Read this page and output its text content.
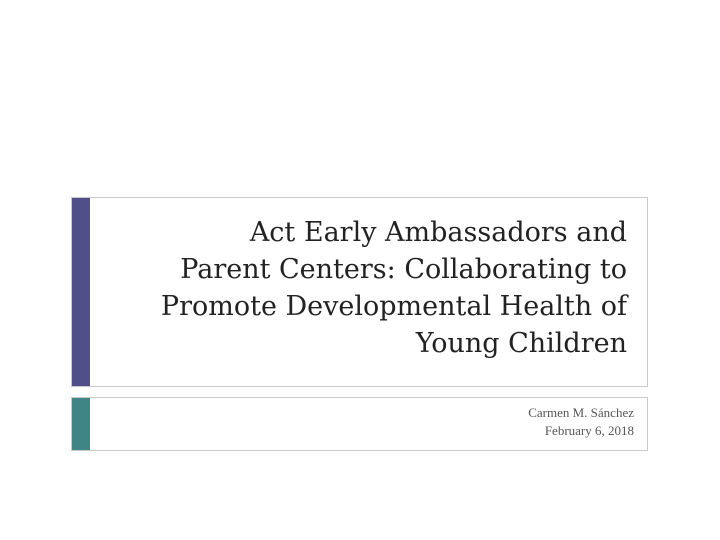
Act Early Ambassadors and
Parent Centers: Collaborating to
Promote Developmental Health of
Young Children
Carmen M. Sánchez
February 6, 2018
